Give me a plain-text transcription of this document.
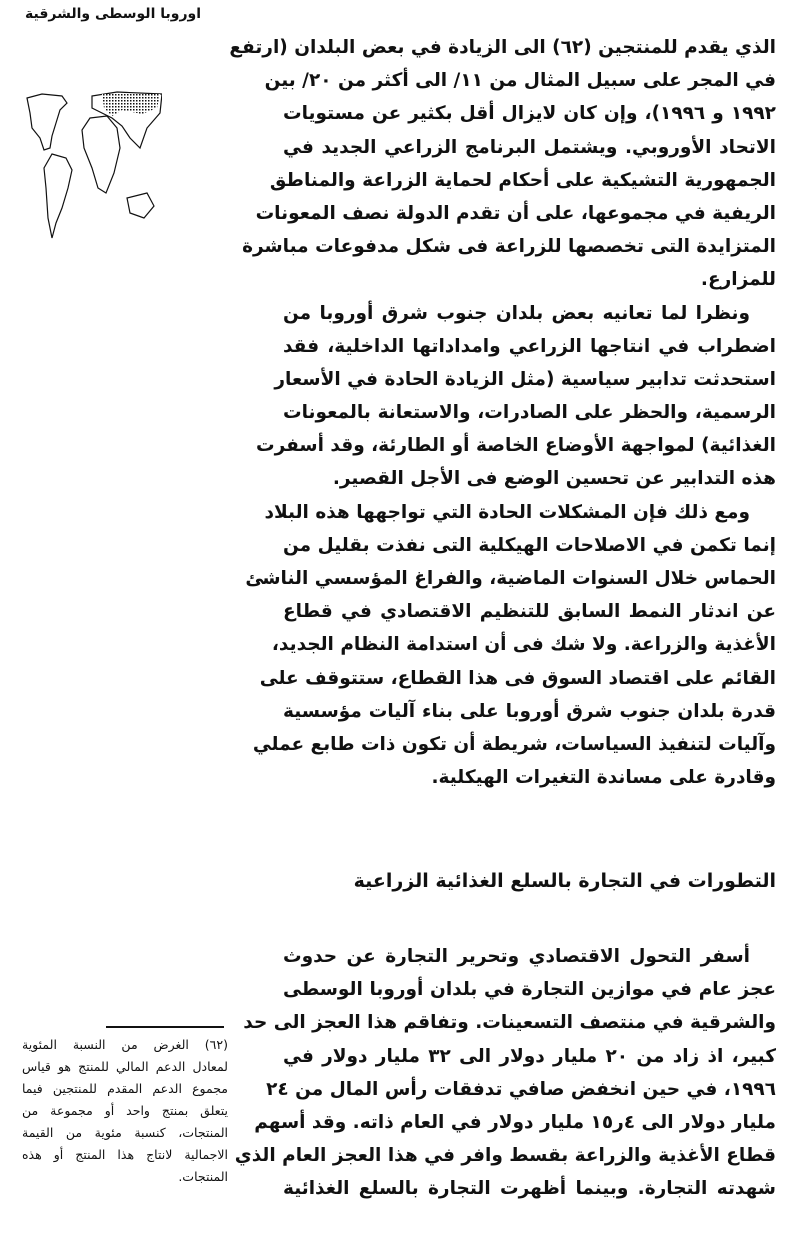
اوروبا الوسطى والشرقية
الذي يقدم للمنتجين (٦٢) الى الزيادة في بعض البلدان (ارتفع
في المجر على سبيل المثال من ١١/ الى أكثر من ٢٠/ بين
١٩٩٢ و ١٩٩٦)، وإن كان لايزال أقل بكثير عن مستويات
الاتحاد الأوروبي. ويشتمل البرنامج الزراعي الجديد في
الجمهورية التشيكية على أحكام لحماية الزراعة والمناطق
الريفية في مجموعها، على أن تقدم الدولة نصف المعونات
المتزايدة التى تخصصها للزراعة فى شكل مدفوعات مباشرة
للمزارع.
ونظرا لما تعانيه بعض بلدان جنوب شرق أوروبا من
اضطراب في انتاجها الزراعي وامداداتها الداخلية، فقد
استحدثت تدابير سياسية (مثل الزيادة الحادة في الأسعار
الرسمية، والحظر على الصادرات، والاستعانة بالمعونات
الغذائية) لمواجهة الأوضاع الخاصة أو الطارئة، وقد أسفرت
هذه التدابير عن تحسين الوضع فى الأجل القصير.
ومع ذلك فإن المشكلات الحادة التي تواجهها هذه البلاد
إنما تكمن في الاصلاحات الهيكلية التى نفذت بقليل من
الحماس خلال السنوات الماضية، والفراغ المؤسسي الناشئ
عن اندثار النمط السابق للتنظيم الاقتصادي في قطاع
الأغذية والزراعة. ولا شك فى أن استدامة النظام الجديد،
القائم على اقتصاد السوق فى هذا القطاع، ستتوقف على
قدرة بلدان جنوب شرق أوروبا على بناء آليات مؤسسية
وآليات لتنفيذ السياسات، شريطة أن تكون ذات طابع عملي
وقادرة على مساندة التغيرات الهيكلية.
التطورات في التجارة بالسلع الغذائية الزراعية
أسفر التحول الاقتصادي وتحرير التجارة عن حدوث
عجز عام في موازين التجارة في بلدان أوروبا الوسطى
والشرقية في منتصف التسعينات. وتفاقم هذا العجز الى حد
كبير، اذ زاد من ٢٠ مليار دولار الى ٣٢ مليار دولار في
١٩٩٦، في حين انخفض صافي تدفقات رأس المال من ٢٤
مليار دولار الى ٤ر١٥ مليار دولار في العام ذاته. وقد أسهم
قطاع الأغذية والزراعة بقسط وافر في هذا العجز العام الذي
شهدته التجارة. وبينما أظهرت التجارة بالسلع الغذائية
(٦٢) الغرض من النسبة المئوية
لمعادل الدعم المالي للمنتج هو قياس
مجموع الدعم المقدم للمنتجين فيما
يتعلق بمنتج واحد أو مجموعة من
المنتجات، كنسبة مئوية من القيمة
الاجمالية لانتاج هذا المنتج أو هذه
المنتجات.
